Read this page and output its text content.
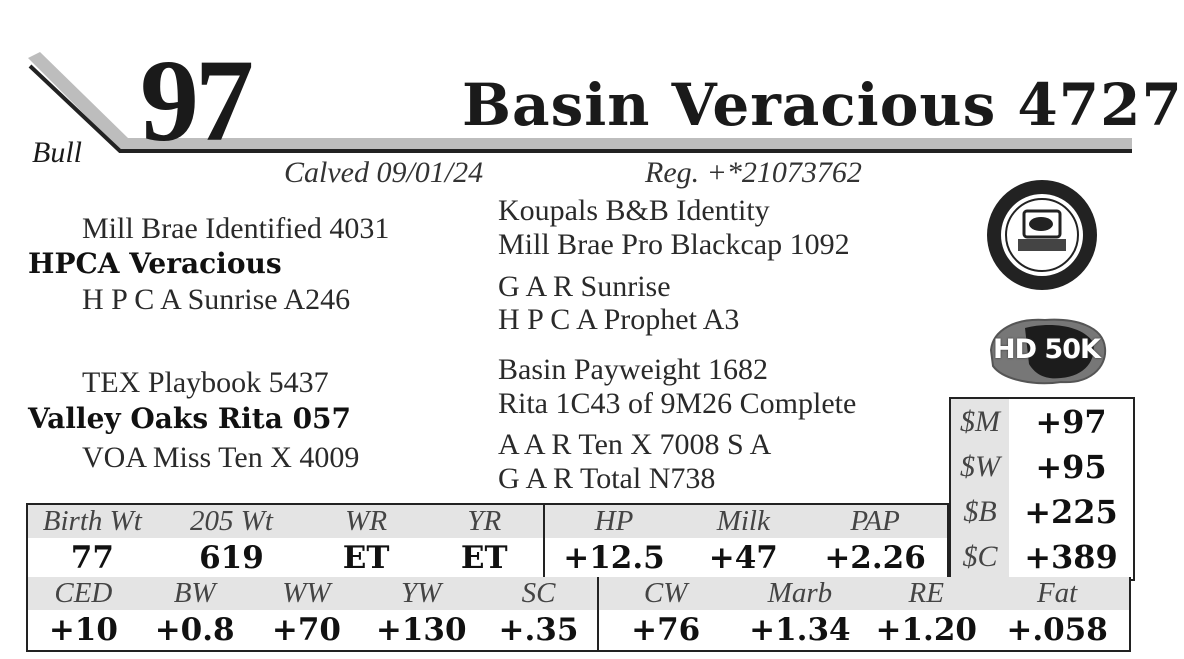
97	Basin Veracious 4727
Bull
Calved 09/01/24	Reg. +*21073762
Mill Brae Identified 4031
HPCA Veracious
H P C A Sunrise A246
Koupals B&B Identity
Mill Brae Pro Blackcap 1092
G A R Sunrise
H P C A Prophet A3
TEX Playbook 5437
Valley Oaks Rita 057
VOA Miss Ten X 4009
Basin Payweight 1682
Rita 1C43 of 9M26 Complete
A A R Ten X 7008 S A
G A R Total N738
HD 50K
$M	+97
$W	+95
$B +225
$C +389
Birth Wt	205 Wt	WR	YR	HP	Milk	PAP
77	619	ET	ET	+12.5	+47	+2.26
CED	BW	WW	YW	SC	CW	Marb	RE	Fat
+10	+0.8	+70	+130	+.35	+76	+1.34	+1.20	+.058
